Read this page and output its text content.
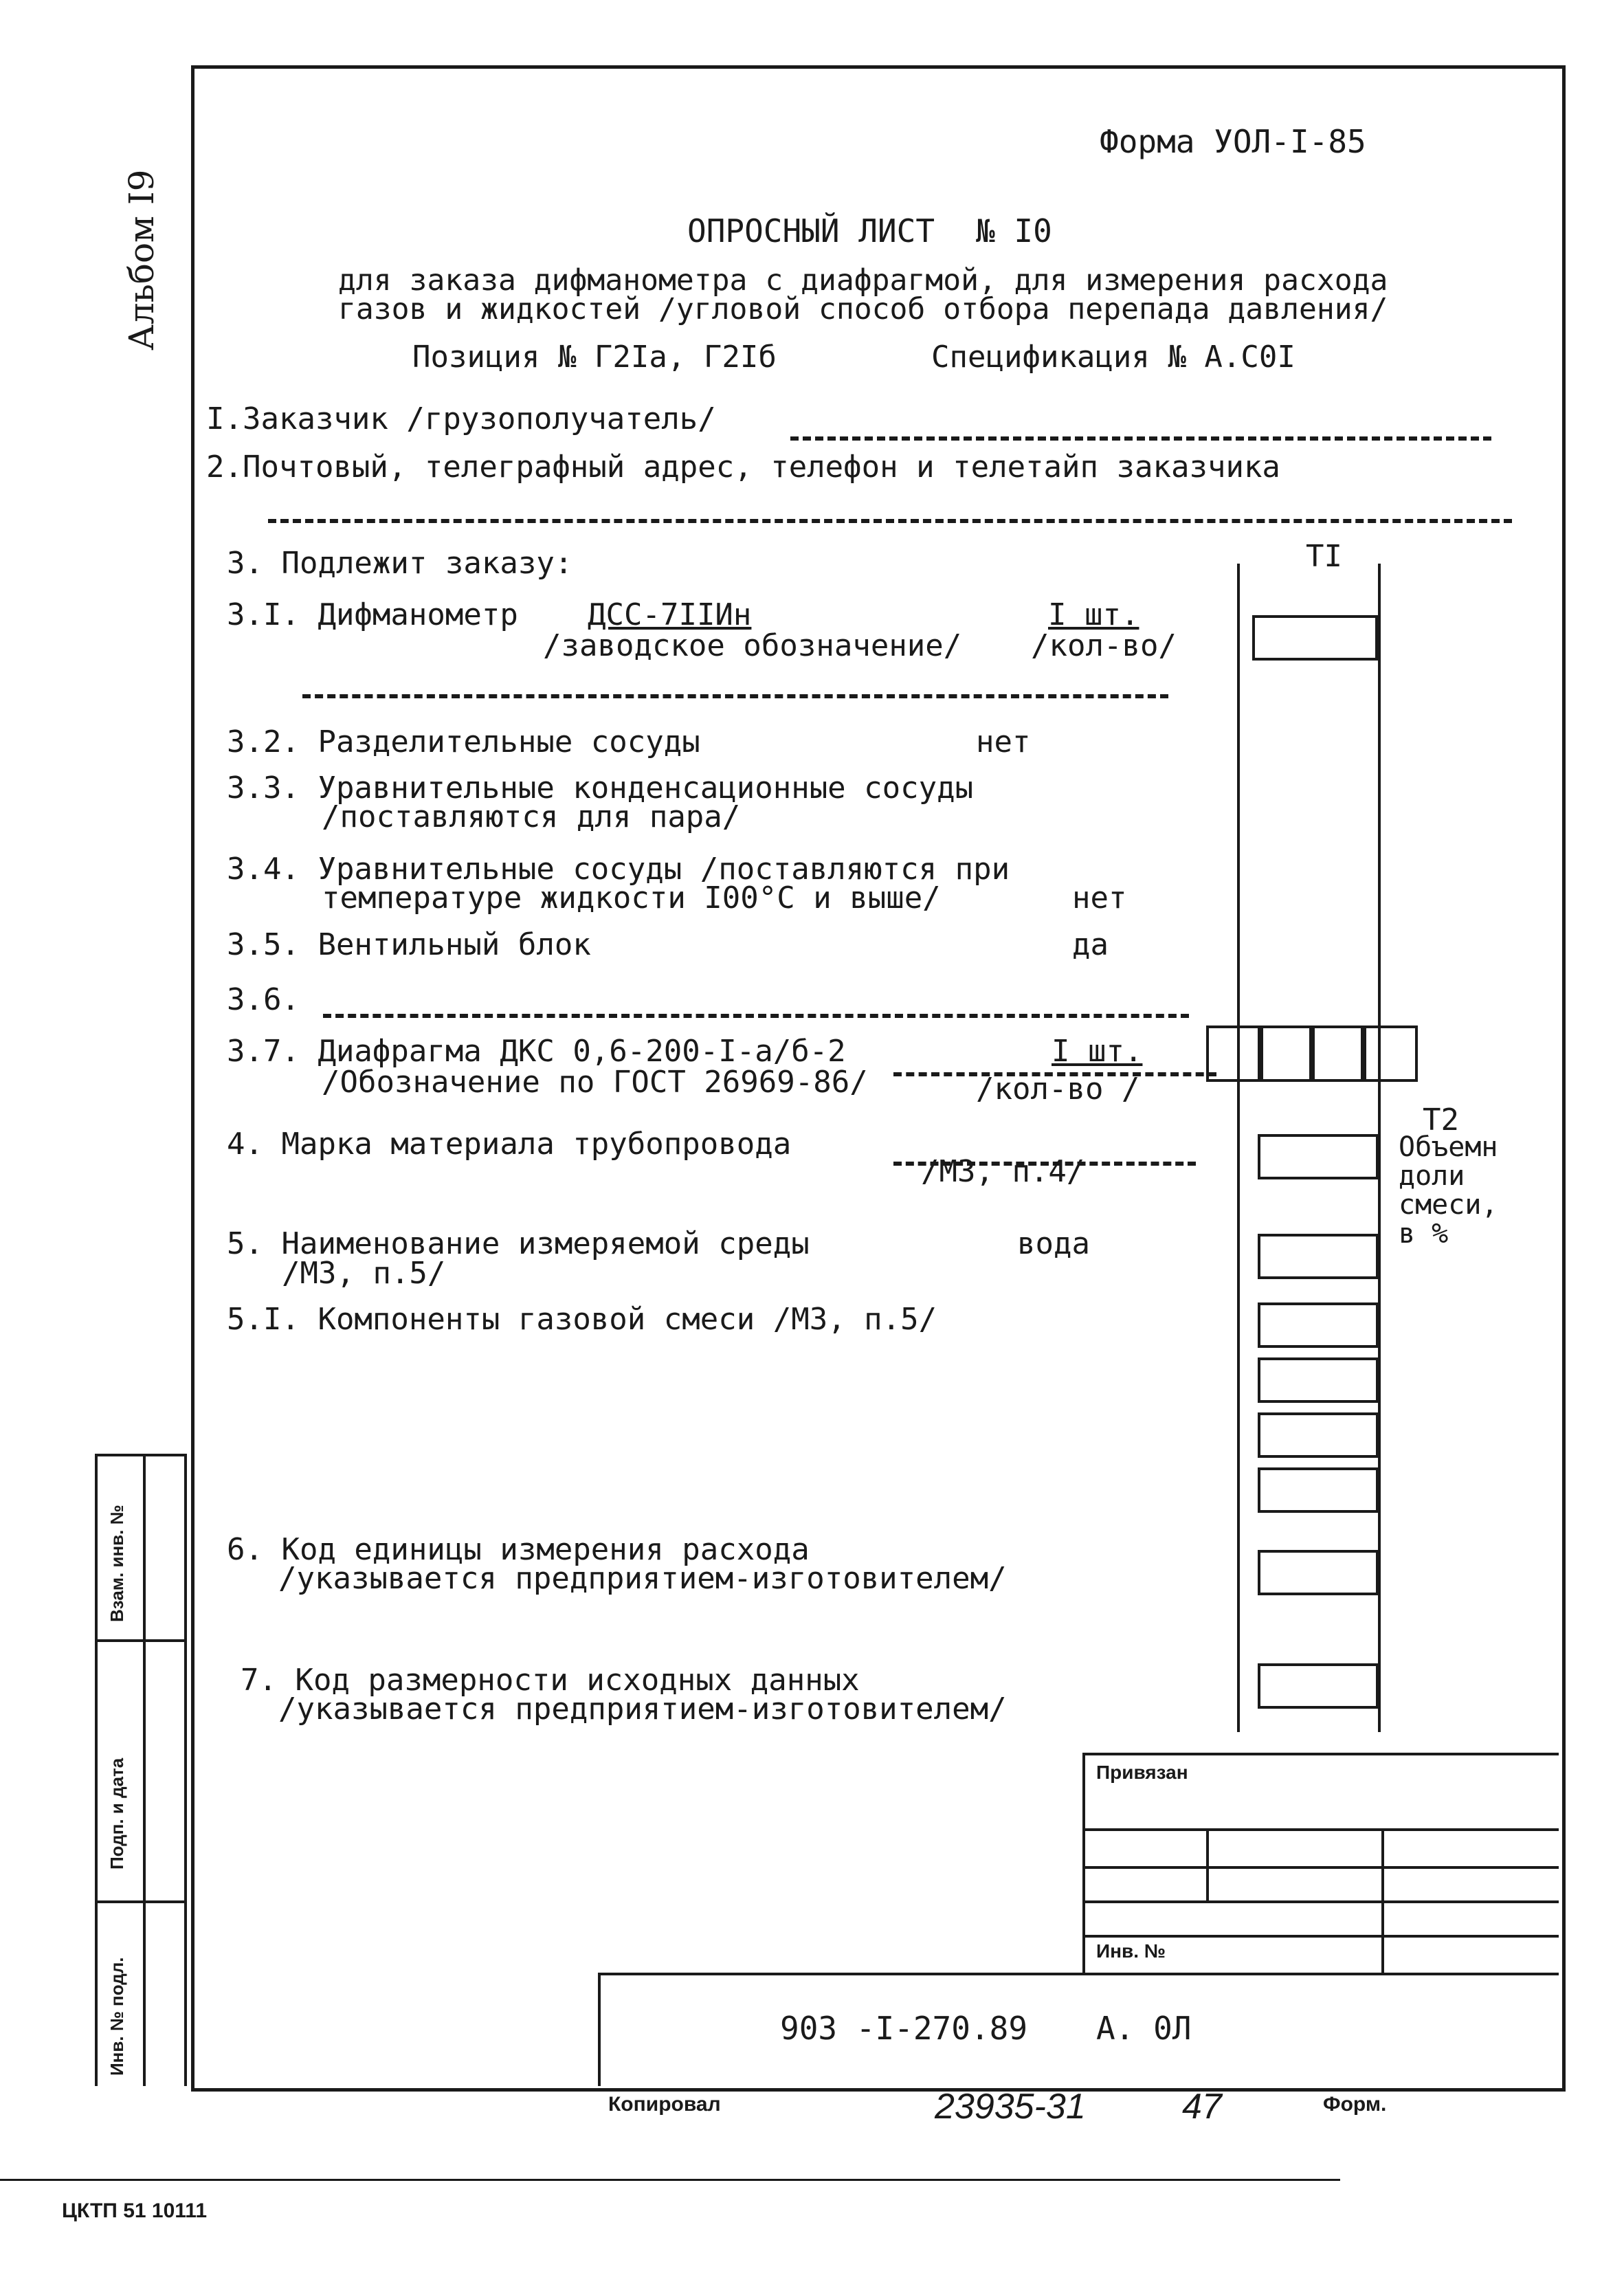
Альбом I9
Форма УОЛ-I-85
ОПРОСНЫЙ ЛИСТ № I0
для заказа дифманометра с диафрагмой, для измерения расхода
газов и жидкостей /угловой способ отбора перепада давления/
Позиция № Г2Iа, Г2Iб	Спецификация № А.С0I
I.Заказчик /грузополучатель/
2.Почтовый, телеграфный адрес, телефон и телетайп заказчика
3. Подлежит заказу:
3.I. Дифманометр ДСС-7IIИн	I шт.
/заводское обозначение/ /кол-во/
3.2. Разделительные сосуды	нет
3.3. Уравнительные конденсационные сосуды
/поставляются для пара/
3.4. Уравнительные сосуды /поставляются при
температуре жидкости I00°С и выше/	нет
3.5. Вентильный блок	да
3.6.
3.7. Диафрагма ДКС 0,6-200-I-а/б-2	I шт.
/Обозначение по ГОСТ 26969-86/	/кол-во /
4. Марка материала трубопровода
/МЗ, п.4/
5. Наименование измеряемой среды
/МЗ, п.5/
вода
5.I. Компоненты газовой смеси /МЗ, п.5/
6. Код единицы измерения расхода
/указывается предприятием-изготовителем/
7. Код размерности исходных данных
/указывается предприятием-изготовителем/
TI
T2
Объемн
доли
смеси,
в %
Привязан
Инв. №
903 -I-270.89 А. 0Л
Взам. инв. №
Подп. и дата
Инв. № подл.
Копировал	23935-31	47	Форм.
ЦКТП 51 10111
